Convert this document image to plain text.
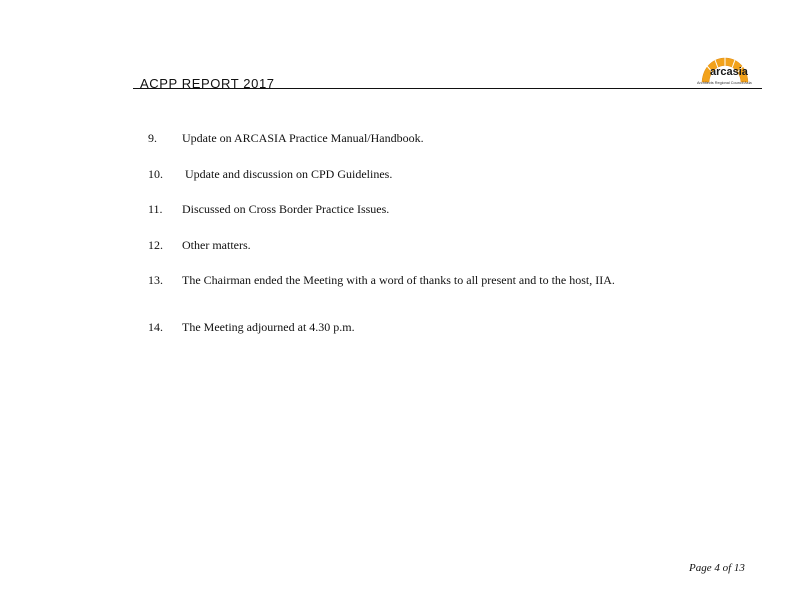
ACPP REPORT 2017
arcasia
Architects Regional Council Asia
9.	Update on ARCASIA Practice Manual/Handbook.
10.	Update and discussion on CPD Guidelines.
11.	Discussed on Cross Border Practice Issues.
12.	Other matters.
13.	The Chairman ended the Meeting with a word of thanks to all present and to the host, IIA.
14.	The Meeting adjourned at 4.30 p.m.
Page 4 of 13
